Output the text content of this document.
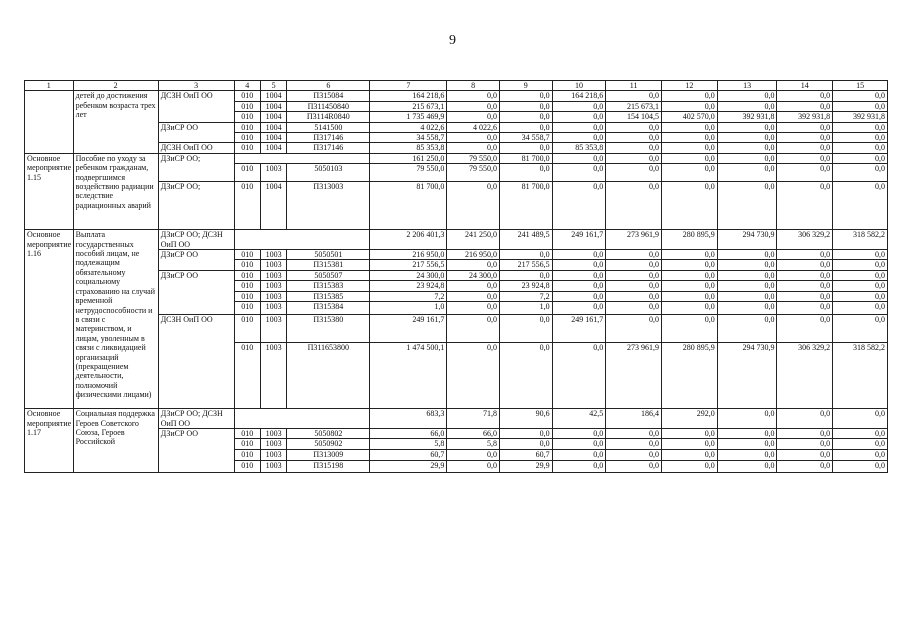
9
1	2	3	4	5	6	7	8	9	10	11	12	13	14	15
	детей до достижения ребенком возраста трех лет	ДСЗН ОиП ОО	010	1004	П315084	164 218,6	0,0	0,0	164 218,6	0,0	0,0	0,0	0,0	0,0
			010	1004	П311450840	215 673,1	0,0	0,0	0,0	215 673,1	0,0	0,0	0,0	0,0
			010	1004	П3114R0840	1 735 469,9	0,0	0,0	0,0	154 104,5	402 570,0	392 931,8	392 931,8	392 931,8
		ДЗиСР ОО	010	1004	5141500	4 022,6	4 022,6	0,0	0,0	0,0	0,0	0,0	0,0	0,0
			010	1004	П317146	34 558,7	0,0	34 558,7	0,0	0,0	0,0	0,0	0,0	0,0
		ДСЗН ОиП ОО	010	1004	П317146	85 353,8	0,0	0,0	85 353,8	0,0	0,0	0,0	0,0	0,0
Основное мероприятие 1.15	Пособие по уходу за ребенком гражданам, подвергшимся воздействию радиации вследствие радиационных аварий	ДЗиСР ОО;				161 250,0	79 550,0	81 700,0	0,0	0,0	0,0	0,0	0,0	0,0
			010	1003	5050103	79 550,0	79 550,0	0,0	0,0	0,0	0,0	0,0	0,0	0,0
		ДЗиСР ОО;	010	1004	П313003	81 700,0	0,0	81 700,0	0,0	0,0	0,0	0,0	0,0	0,0
Основное мероприятие 1.16	Выплата государственных пособий лицам, не подлежащим обязательному социальному страхованию на случай временной нетрудоспособности и в связи с материнством, и лицам, уволенным в связи с ликвидацией организаций (прекращением деятельности, полномочий физическими лицами)	ДЗиСР ОО; ДСЗН ОиП ОО				2 206 401,3	241 250,0	241 489,5	249 161,7	273 961,9	280 895,9	294 730,9	306 329,2	318 582,2
		ДЗиСР ОО	010	1003	5050501	216 950,0	216 950,0	0,0	0,0	0,0	0,0	0,0	0,0	0,0
			010	1003	П315381	217 556,5	0,0	217 556,5	0,0	0,0	0,0	0,0	0,0	0,0
		ДЗиСР ОО	010	1003	5050507	24 300,0	24 300,0	0,0	0,0	0,0	0,0	0,0	0,0	0,0
			010	1003	П315383	23 924,8	0,0	23 924,8	0,0	0,0	0,0	0,0	0,0	0,0
			010	1003	П315385	7,2	0,0	7,2	0,0	0,0	0,0	0,0	0,0	0,0
			010	1003	П315384	1,0	0,0	1,0	0,0	0,0	0,0	0,0	0,0	0,0
		ДСЗН ОиП ОО	010	1003	П315380	249 161,7	0,0	0,0	249 161,7	0,0	0,0	0,0	0,0	0,0
			010	1003	П311653800	1 474 500,1	0,0	0,0	0,0	273 961,9	280 895,9	294 730,9	306 329,2	318 582,2
Основное мероприятие 1.17	Социальная поддержка Героев Советского Союза, Героев Российской	ДЗиСР ОО; ДСЗН ОиП ОО				683,3	71,8	90,6	42,5	186,4	292,0	0,0	0,0	0,0
		ДЗиСР ОО	010	1003	5050802	66,0	66,0	0,0	0,0	0,0	0,0	0,0	0,0	0,0
			010	1003	5050902	5,8	5,8	0,0	0,0	0,0	0,0	0,0	0,0	0,0
			010	1003	П313009	60,7	0,0	60,7	0,0	0,0	0,0	0,0	0,0	0,0
			010	1003	П315198	29,9	0,0	29,9	0,0	0,0	0,0	0,0	0,0	0,0
